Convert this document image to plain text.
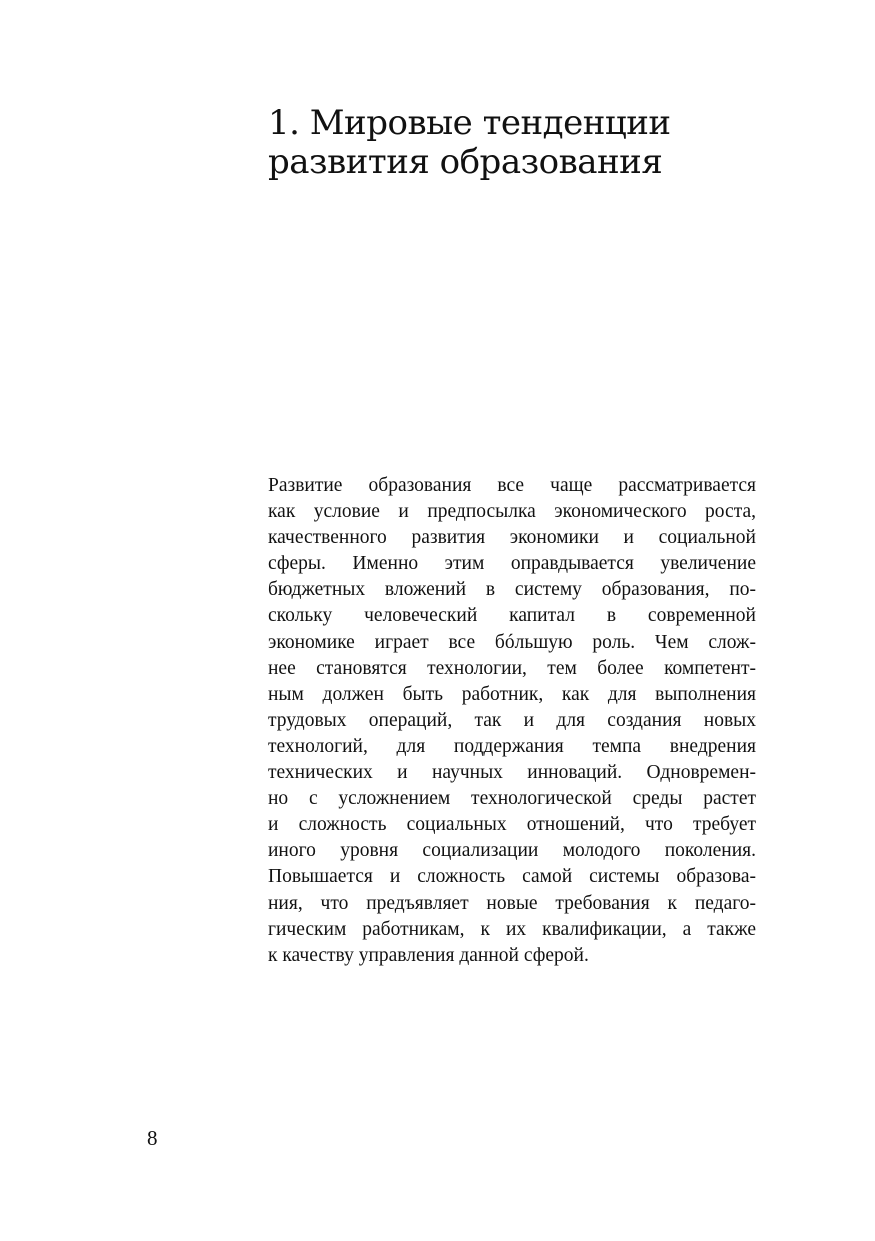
1. Мировые тенденции
развития образования
Развитие образования все чаще рассматривается
как условие и предпосылка экономического роста,
качественного развития экономики и социальной
сферы. Именно этим оправдывается увеличение
бюджетных вложений в систему образования, по-
скольку человеческий капитал в современной
экономике играет все бóльшую роль. Чем слож-
нее становятся технологии, тем более компетент-
ным должен быть работник, как для выполнения
трудовых операций, так и для создания новых
технологий, для поддержания темпа внедрения
технических и научных инноваций. Одновремен-
но с усложнением технологической среды растет
и сложность социальных отношений, что требует
иного уровня социализации молодого поколения.
Повышается и сложность самой системы образова-
ния, что предъявляет новые требования к педаго-
гическим работникам, к их квалификации, а также
к качеству управления данной сферой.
8
